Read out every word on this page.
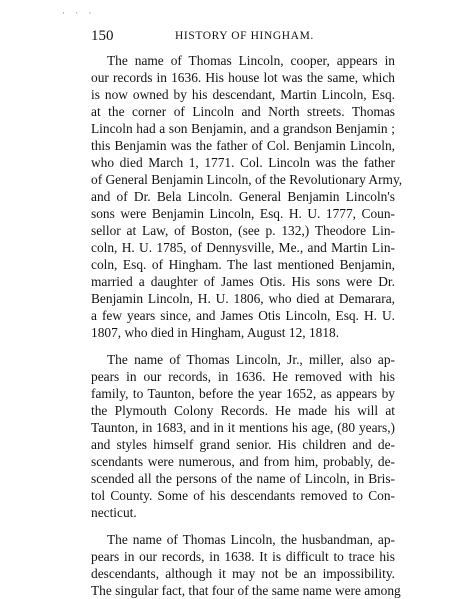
· · ·
150	HISTORY OF HINGHAM.
The name of Thomas Lincoln, cooper, appears in
our records in 1636. His house lot was the same, which
is now owned by his descendant, Martin Lincoln, Esq.
at the corner of Lincoln and North streets. Thomas
Lincoln had a son Benjamin, and a grandson Benjamin ;
this Benjamin was the father of Col. Benjamin Lincoln,
who died March 1, 1771. Col. Lincoln was the father
of General Benjamin Lincoln, of the Revolutionary Army,
and of Dr. Bela Lincoln. General Benjamin Lincoln's
sons were Benjamin Lincoln, Esq. H. U. 1777, Coun-
sellor at Law, of Boston, (see p. 132,) Theodore Lin-
coln, H. U. 1785, of Dennysville, Me., and Martin Lin-
coln, Esq. of Hingham. The last mentioned Benjamin,
married a daughter of James Otis. His sons were Dr.
Benjamin Lincoln, H. U. 1806, who died at Demarara,
a few years since, and James Otis Lincoln, Esq. H. U.
1807, who died in Hingham, August 12, 1818.
The name of Thomas Lincoln, Jr., miller, also ap-
pears in our records, in 1636. He removed with his
family, to Taunton, before the year 1652, as appears by
the Plymouth Colony Records. He made his will at
Taunton, in 1683, and in it mentions his age, (80 years,)
and styles himself grand senior. His children and de-
scendants were numerous, and from him, probably, de-
scended all the persons of the name of Lincoln, in Bris-
tol County. Some of his descendants removed to Con-
necticut.
The name of Thomas Lincoln, the husbandman, ap-
pears in our records, in 1638. It is difficult to trace his
descendants, although it may not be an impossibility.
The singular fact, that four of the same name were among
